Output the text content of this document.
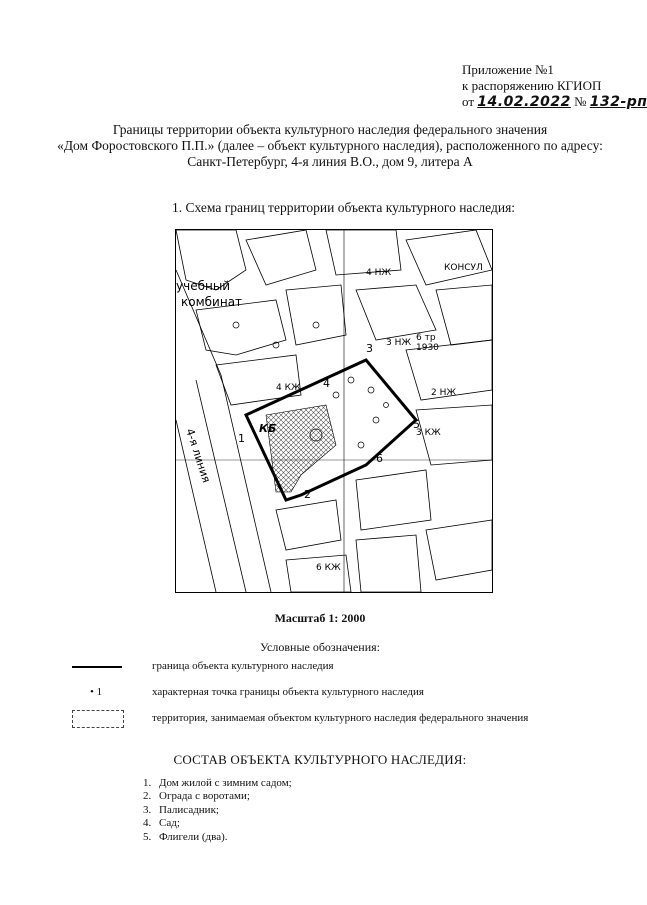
Приложение №1
к распоряжению КГИОП
от 14.02.2022 № 132-рп
Границы территории объекта культурного наследия федерального значения
«Дом Форостовского П.П.» (далее – объект культурного наследия), расположенного по адресу:
Санкт-Петербург, 4-я линия В.О., дом 9, литера А
1. Схема границ территории объекта культурного наследия:
1
2
3
4
5
6
учебный
комбинат
КБ
3 НЖ
4 НЖ
3 КЖ
4 КЖ	2 НЖ
6 тр
1930
КОНСУЛ
6 КЖ
4-я линия
Масштаб 1: 2000
Условные обозначения:
граница объекта культурного наследия
• 1	характерная точка границы объекта культурного наследия
территория, занимаемая объектом культурного наследия федерального значения
СОСТАВ ОБЪЕКТА КУЛЬТУРНОГО НАСЛЕДИЯ:
1. Дом жилой с зимним садом;
2. Ограда с воротами;
3. Палисадник;
4. Сад;
5. Флигели (два).
